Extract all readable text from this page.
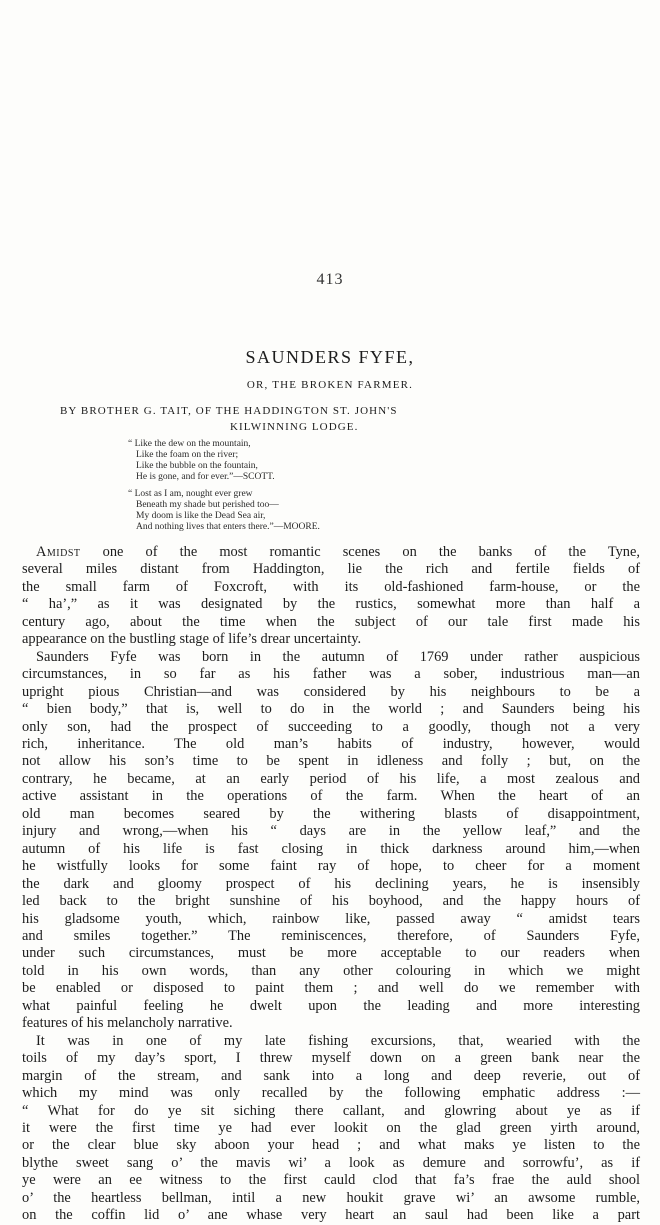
413
SAUNDERS FYFE,
OR, THE BROKEN FARMER.
BY BROTHER G. TAIT, OF THE HADDINGTON ST. JOHN'S
KILWINNING LODGE.
“ Like the dew on the mountain,
Like the foam on the river;
Like the bubble on the fountain,
He is gone, and for ever.”—SCOTT.
“ Lost as I am, nought ever grew
Beneath my shade but perished too—
My doom is like the Dead Sea air,
And nothing lives that enters there.”—MOORE.
Amidst one of the most romantic scenes on the banks of the Tyne,
several miles distant from Haddington, lie the rich and fertile fields of
the small farm of Foxcroft, with its old-fashioned farm-house, or the
“ ha’,” as it was designated by the rustics, somewhat more than half a
century ago, about the time when the subject of our tale first made his
appearance on the bustling stage of life’s drear uncertainty.
Saunders Fyfe was born in the autumn of 1769 under rather auspicious
circumstances, in so far as his father was a sober, industrious man—an
upright pious Christian—and was considered by his neighbours to be a
“ bien body,” that is, well to do in the world ; and Saunders being his
only son, had the prospect of succeeding to a goodly, though not a very
rich, inheritance. The old man’s habits of industry, however, would
not allow his son’s time to be spent in idleness and folly ; but, on the
contrary, he became, at an early period of his life, a most zealous and
active assistant in the operations of the farm. When the heart of an
old man becomes seared by the withering blasts of disappointment,
injury and wrong,—when his “ days are in the yellow leaf,” and the
autumn of his life is fast closing in thick darkness around him,—when
he wistfully looks for some faint ray of hope, to cheer for a moment
the dark and gloomy prospect of his declining years, he is insensibly
led back to the bright sunshine of his boyhood, and the happy hours of
his gladsome youth, which, rainbow like, passed away “ amidst tears
and smiles together.” The reminiscences, therefore, of Saunders Fyfe,
under such circumstances, must be more acceptable to our readers when
told in his own words, than any other colouring in which we might
be enabled or disposed to paint them ; and well do we remember with
what painful feeling he dwelt upon the leading and more interesting
features of his melancholy narrative.
It was in one of my late fishing excursions, that, wearied with the
toils of my day’s sport, I threw myself down on a green bank near the
margin of the stream, and sank into a long and deep reverie, out of
which my mind was only recalled by the following emphatic address :—
“ What for do ye sit siching there callant, and glowring about ye as if
it were the first time ye had ever lookit on the glad green yirth around,
or the clear blue sky aboon your head ; and what maks ye listen to the
blythe sweet sang o’ the mavis wi’ a look as demure and sorrowfu’, as if
ye were an ee witness to the first cauld clod that fa’s frae the auld shool
o’ the heartless bellman, intil a new houkit grave wi’ an awsome rumble,
on the coffin lid o’ ane whase very heart an saul had been like a part
